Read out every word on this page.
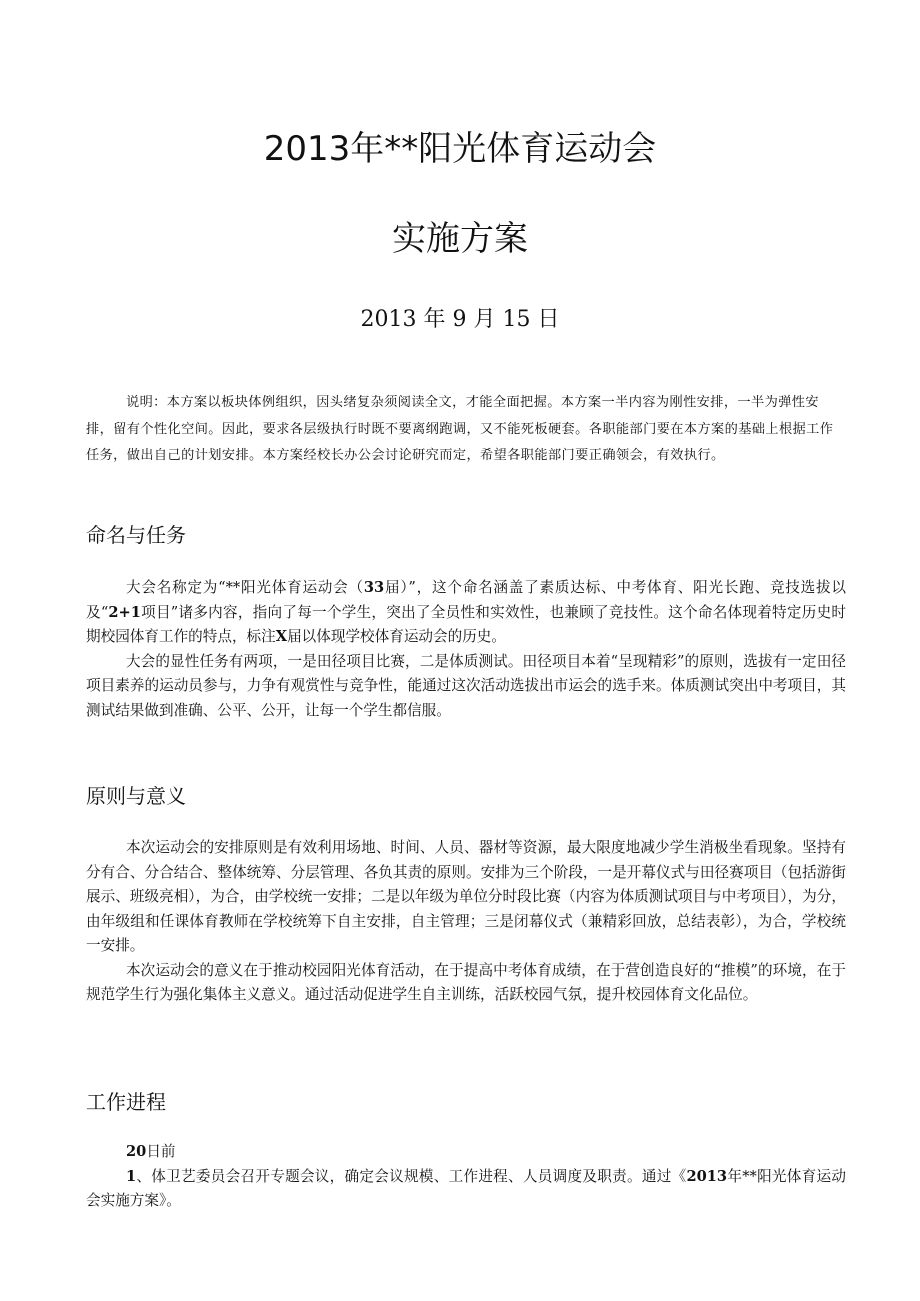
2013年**阳光体育运动会
实施方案
2013 年 9 月 15 日

说明：本方案以板块体例组织，因头绪复杂须阅读全文，才能全面把握。本方案一半内容为刚性安排，一半为弹性安排，留有个性化空间。因此，要求各层级执行时既不要离纲跑调，又不能死板硬套。各职能部门要在本方案的基础上根据工作任务，做出自己的计划安排。本方案经校长办公会讨论研究而定，希望各职能部门要正确领会，有效执行。

命名与任务

大会名称定为“**阳光体育运动会（33届）”，这个命名涵盖了素质达标、中考体育、阳光长跑、竞技选拔以及“2+1项目”诸多内容，指向了每一个学生，突出了全员性和实效性，也兼顾了竞技性。这个命名体现着特定历史时期校园体育工作的特点，标注X届以体现学校体育运动会的历史。

大会的显性任务有两项，一是田径项目比赛，二是体质测试。田径项目本着“呈现精彩”的原则，选拔有一定田径项目素养的运动员参与，力争有观赏性与竞争性，能通过这次活动选拔出市运会的选手来。体质测试突出中考项目，其测试结果做到准确、公平、公开，让每一个学生都信服。

原则与意义

本次运动会的安排原则是有效利用场地、时间、人员、器材等资源，最大限度地减少学生消极坐看现象。坚持有分有合、分合结合、整体统筹、分层管理、各负其责的原则。安排为三个阶段，一是开幕仪式与田径赛项目（包括游街展示、班级亮相），为合，由学校统一安排；二是以年级为单位分时段比赛（内容为体质测试项目与中考项目），为分，由年级组和任课体育教师在学校统筹下自主安排，自主管理；三是闭幕仪式（兼精彩回放，总结表彰），为合，学校统一安排。

本次运动会的意义在于推动校园阳光体育活动，在于提高中考体育成绩，在于营创造良好的“推模”的环境，在于规范学生行为强化集体主义意义。通过活动促进学生自主训练，活跃校园气氛，提升校园体育文化品位。

工作进程

20日前

1、体卫艺委员会召开专题会议，确定会议规模、工作进程、人员调度及职责。通过《2013年**阳光体育运动会实施方案》。
